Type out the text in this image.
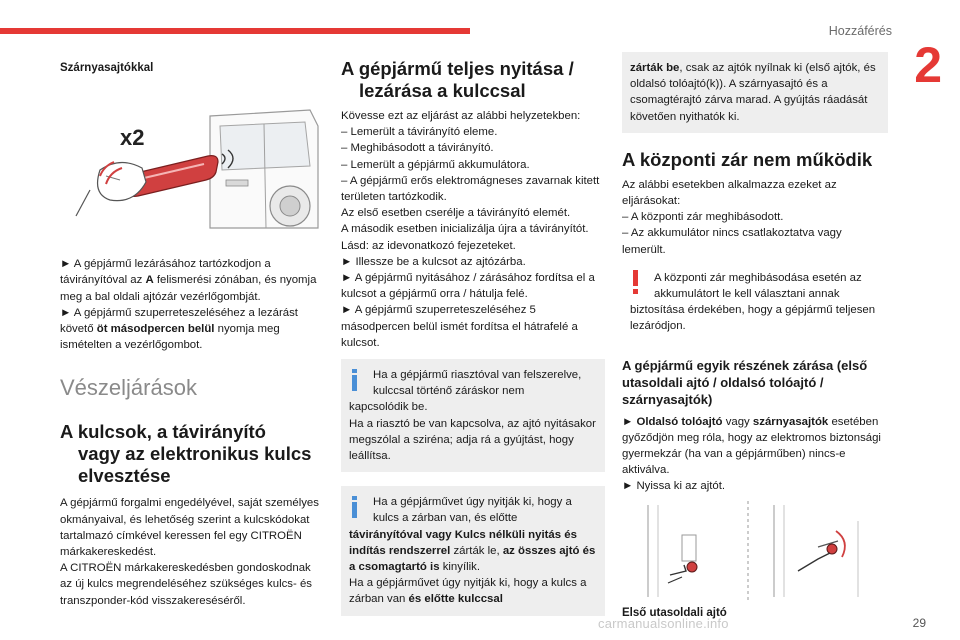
Hozzáférés
2

Szárnyasajtókkal

x2

► A gépjármű lezárásához tartózkodjon a távirányítóval az A felismerési zónában, és nyomja meg a bal oldali ajtózár vezérlőgombját.

► A gépjármű szuperreteszeléséhez a lezárást követő öt másodpercen belül nyomja meg ismételten a vezérlőgombot.

Vészeljárások

A kulcsok, a távirányító
vagy az elektronikus kulcs
elvesztése

A gépjármű forgalmi engedélyével, saját személyes okmányaival, és lehetőség szerint a kulcskódokat tartalmazó címkével keressen fel egy CITROËN márkakereskedést.

A CITROËN márkakereskedésben gondoskodnak az új kulcs megrendeléséhez szükséges kulcs- és transzponder-kód visszakereséséről.

A gépjármű teljes nyitása /
lezárása a kulccsal

Kövesse ezt az eljárást az alábbi helyzetekben:

– Lemerült a távirányító eleme.

– Meghibásodott a távirányító.

– Lemerült a gépjármű akkumulátora.

– A gépjármű erős elektromágneses zavarnak kitett területen tartózkodik.

Az első esetben cserélje a távirányító elemét.

A második esetben inicializálja újra a távirányítót.

Lásd: az idevonatkozó fejezeteket.

► Illessze be a kulcsot az ajtózárba.

► A gépjármű nyitásához / zárásához fordítsa el a kulcsot a gépjármű orra / hátulja felé.

► A gépjármű szuperreteszeléséhez 5 másodpercen belül ismét fordítsa el hátrafelé a kulcsot.

Ha a gépjármű riasztóval van felszerelve,

kulccsal történő záráskor nem

kapcsolódik be.

Ha a riasztó be van kapcsolva, az ajtó nyitásakor megszólal a sziréna; adja rá a gyújtást, hogy leállítsa.

Ha a gépjárművet úgy nyitják ki, hogy a

kulcs a zárban van, és előtte

távirányítóval vagy Kulcs nélküli nyitás és indítás rendszerrel zárták le, az összes ajtó és a csomagtartó is kinyílik.

Ha a gépjárművet úgy nyitják ki, hogy a kulcs a zárban van és előtte kulccsal

zárták be, csak az ajtók nyílnak ki (első ajtók, és oldalsó tolóajtó(k)). A szárnyasajtó és a csomagtérajtó zárva marad. A gyújtás ráadását követően nyithatók ki.

A központi zár nem működik

Az alábbi esetekben alkalmazza ezeket az eljárásokat:

– A központi zár meghibásodott.

– Az akkumulátor nincs csatlakoztatva vagy lemerült.

A központi zár meghibásodása esetén az

akkumulátort le kell választani annak

biztosítása érdekében, hogy a gépjármű teljesen lezáródjon.

A gépjármű egyik részének zárása (első utasoldali ajtó / oldalsó tolóajtó / szárnyasajtók)

► Oldalsó tolóajtó vagy szárnyasajtók esetében győződjön meg róla, hogy az elektromos biztonsági gyermekzár (ha van a gépjárműben) nincs-e aktiválva.

► Nyissa ki az ajtót.

Első utasoldali ajtó

carmanualsonline.info	29
